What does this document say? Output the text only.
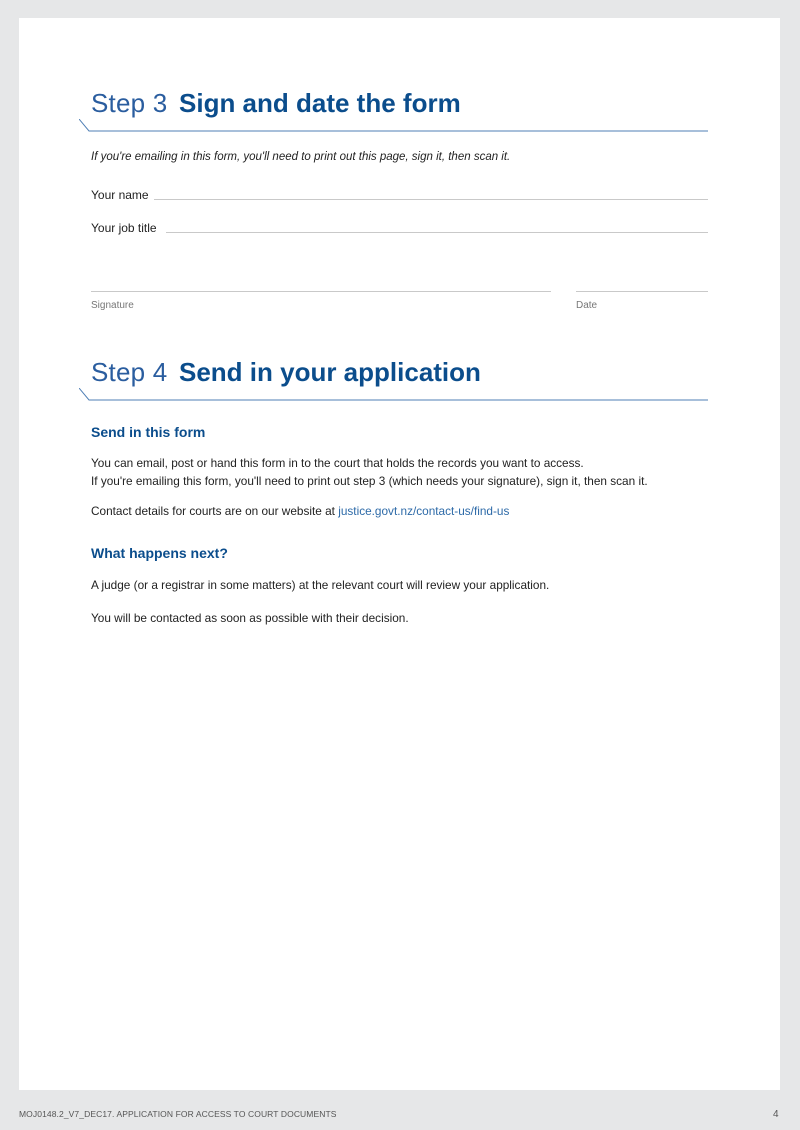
Step 3 Sign and date the form
If you're emailing in this form, you'll need to print out this page, sign it, then scan it.
Your name
Your job title
Signature	Date
Step 4 Send in your application
Send in this form
You can email, post or hand this form in to the court that holds the records you want to access.
If you're emailing this form, you'll need to print out step 3 (which needs your signature), sign it, then scan it.
Contact details for courts are on our website at justice.govt.nz/contact-us/find-us
What happens next?
A judge (or a registrar in some matters) at the relevant court will review your application.
You will be contacted as soon as possible with their decision.
MOJ0148.2_V7_DEC17. APPLICATION FOR ACCESS TO COURT DOCUMENTS	4
